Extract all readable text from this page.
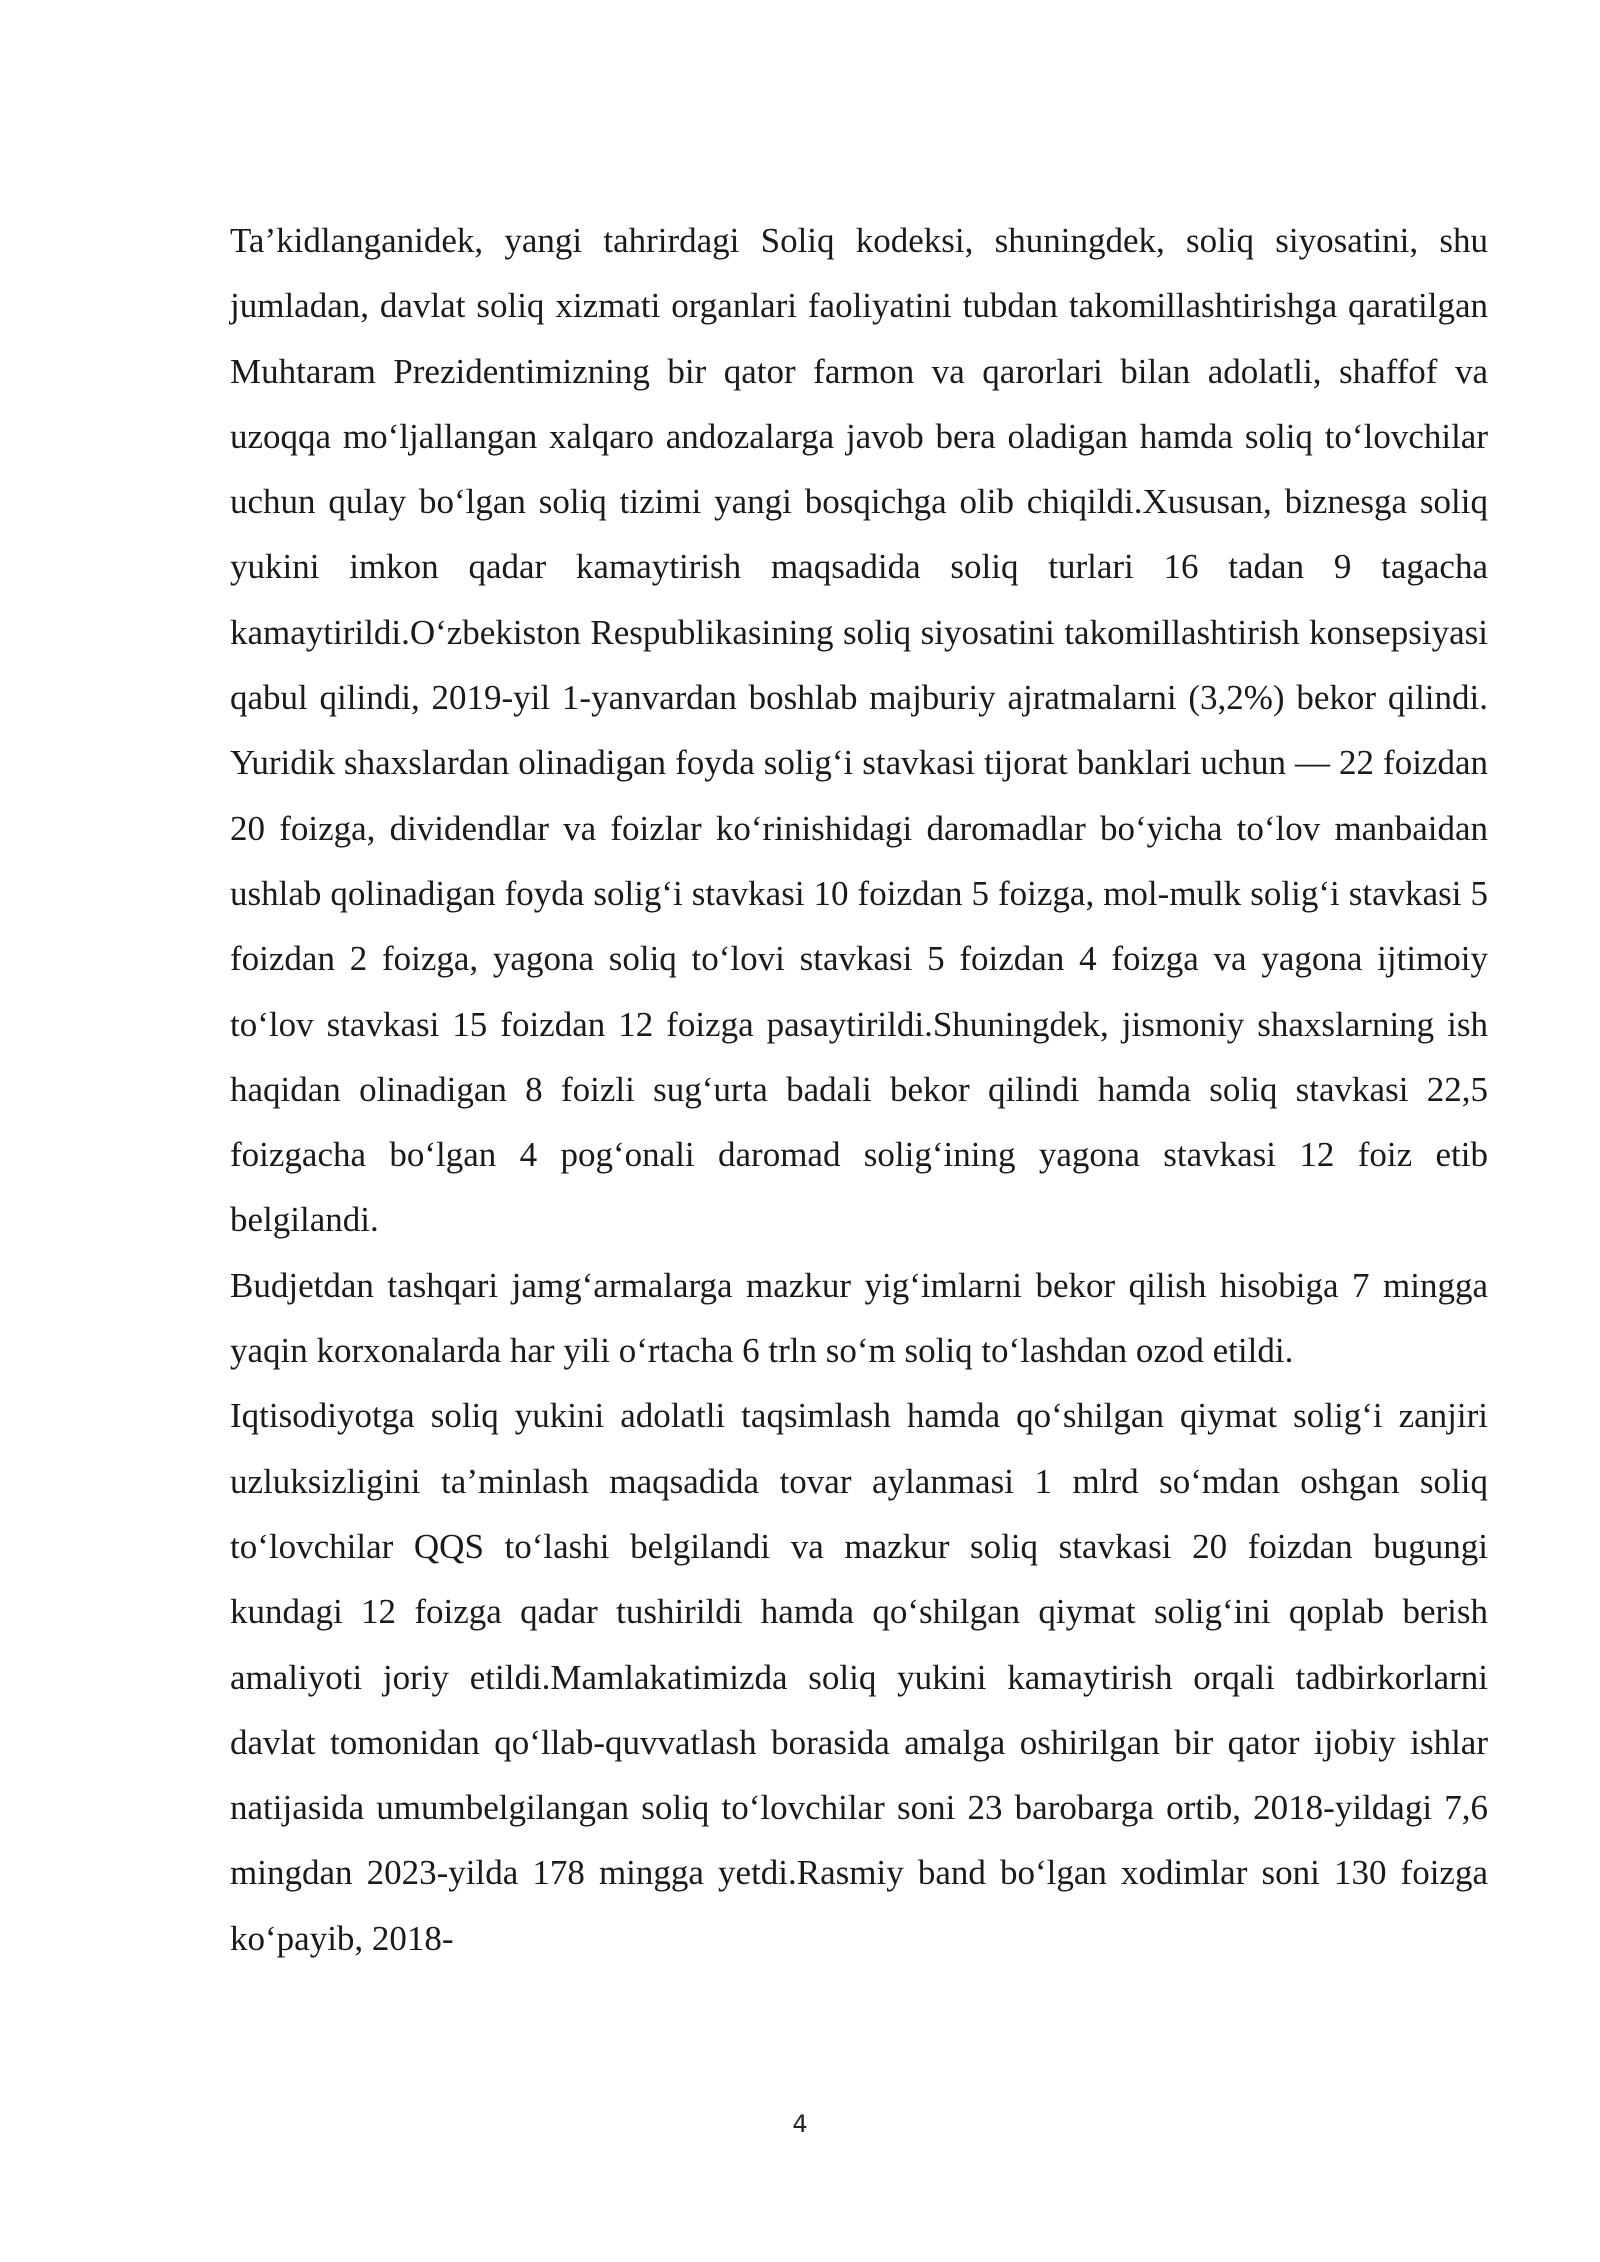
Ta’kidlanganidek, yangi tahrirdagi Soliq kodeksi, shuningdek, soliq siyosatini, shu jumladan, davlat soliq xizmati organlari faoliyatini tubdan takomillashtirishga qaratilgan Muhtaram Prezidentimizning bir qator farmon va qarorlari bilan adolatli, shaffof va uzoqqa mo‘ljallangan xalqaro andozalarga javob bera oladigan hamda soliq to‘lovchilar uchun qulay bo‘lgan soliq tizimi yangi bosqichga olib chiqildi.Xususan, biznesga soliq yukini imkon qadar kamaytirish maqsadida soliq turlari 16 tadan 9 tagacha kamaytirildi.O‘zbekiston Respublikasining soliq siyosatini takomillashtirish konsepsiyasi qabul qilindi, 2019-yil 1-yanvardan boshlab majburiy ajratmalarni (3,2%) bekor qilindi. Yuridik shaxslardan olinadigan foyda solig‘i stavkasi tijorat banklari uchun — 22 foizdan 20 foizga, dividendlar va foizlar ko‘rinishidagi daromadlar bo‘yicha to‘lov manbaidan ushlab qolinadigan foyda solig‘i stavkasi 10 foizdan 5 foizga, mol-mulk solig‘i stavkasi 5 foizdan 2 foizga, yagona soliq to‘lovi stavkasi 5 foizdan 4 foizga va yagona ijtimoiy to‘lov stavkasi 15 foizdan 12 foizga pasaytirildi.Shuningdek, jismoniy shaxslarning ish haqidan olinadigan 8 foizli sug‘urta badali bekor qilindi hamda soliq stavkasi 22,5 foizgacha bo‘lgan 4 pog‘onali daromad solig‘ining yagona stavkasi 12 foiz etib belgilandi.

Budjetdan tashqari jamg‘armalarga mazkur yig‘imlarni bekor qilish hisobiga 7 mingga yaqin korxonalarda har yili o‘rtacha 6 trln so‘m soliq to‘lashdan ozod etildi.

Iqtisodiyotga soliq yukini adolatli taqsimlash hamda qo‘shilgan qiymat solig‘i zanjiri uzluksizligini ta’minlash maqsadida tovar aylanmasi 1 mlrd so‘mdan oshgan soliq to‘lovchilar QQS to‘lashi belgilandi va mazkur soliq stavkasi 20 foizdan bugungi kundagi 12 foizga qadar tushirildi hamda qo‘shilgan qiymat solig‘ini qoplab berish amaliyoti joriy etildi.Mamlakatimizda soliq yukini kamaytirish orqali tadbirkorlarni davlat tomonidan qo‘llab-quvvatlash borasida amalga oshirilgan bir qator ijobiy ishlar natijasida umumbelgilangan soliq to‘lovchilar soni 23 barobarga ortib, 2018-yildagi 7,6 mingdan 2023-yilda 178 mingga yetdi.Rasmiy band bo‘lgan xodimlar soni 130 foizga ko‘payib, 2018-

4
